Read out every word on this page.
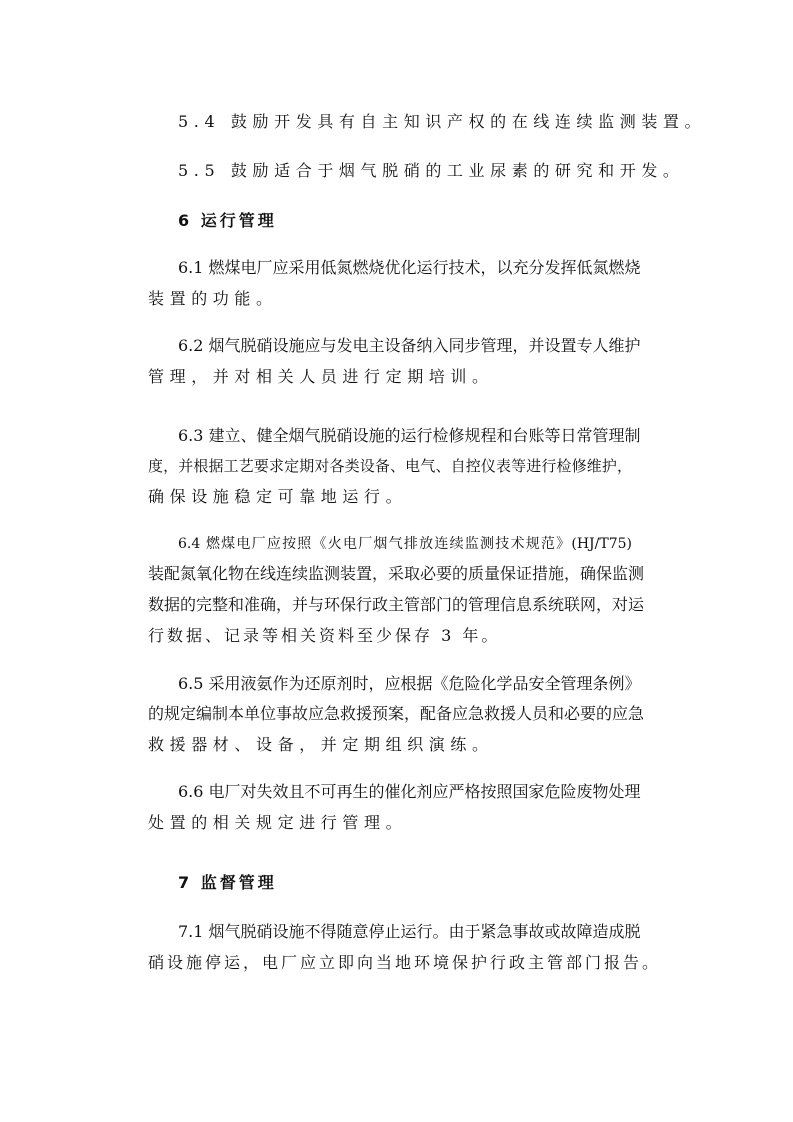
5.4 鼓励开发具有自主知识产权的在线连续监测装置。
5.5 鼓励适合于烟气脱硝的工业尿素的研究和开发。
6 运行管理
6.1 燃煤电厂应采用低氮燃烧优化运行技术，以充分发挥低氮燃烧
装置的功能。
6.2 烟气脱硝设施应与发电主设备纳入同步管理，并设置专人维护
管理，并对相关人员进行定期培训。
6.3 建立、健全烟气脱硝设施的运行检修规程和台账等日常管理制
度，并根据工艺要求定期对各类设备、电气、自控仪表等进行检修维护，
确保设施稳定可靠地运行。
6.4 燃煤电厂应按照《火电厂烟气排放连续监测技术规范》(HJ/T75)
装配氮氧化物在线连续监测装置，采取必要的质量保证措施，确保监测
数据的完整和准确，并与环保行政主管部门的管理信息系统联网，对运
行数据、记录等相关资料至少保存 3 年。
6.5 采用液氨作为还原剂时，应根据《危险化学品安全管理条例》
的规定编制本单位事故应急救援预案，配备应急救援人员和必要的应急
救援器材、设备，并定期组织演练。
6.6 电厂对失效且不可再生的催化剂应严格按照国家危险废物处理
处置的相关规定进行管理。
7 监督管理
7.1 烟气脱硝设施不得随意停止运行。由于紧急事故或故障造成脱
硝设施停运，电厂应立即向当地环境保护行政主管部门报告。
